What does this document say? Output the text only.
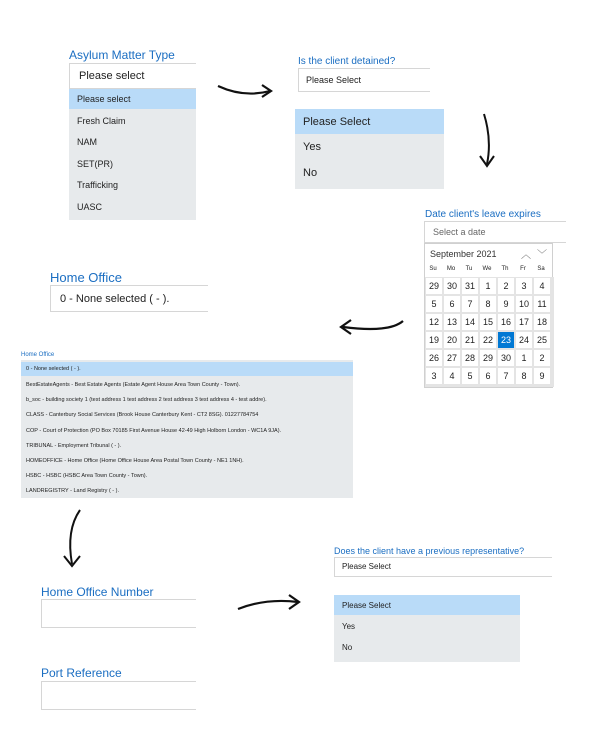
Asylum Matter Type
Please select
Please select
Fresh Claim
NAM
SET(PR)
Trafficking
UASC
Is the client detained?
Please Select
Please Select
Yes
No
Date client's leave expires
Select a date
September 2021 ︿ ﹀
Su	Mo	Tu	We	Th	Fr	Sa
29 30 31	1	2	3	4
5	6	7	8	9	10 11
12 13 14 15 16 17 18
19 20 21 22 23 24 25
26 27 28 29 30	1	2
3	4	5	6	7	8	9
Home Office
0 - None selected ( - ).
Home Office
0 - None selected ( - ).
BestEstateAgents - Best Estate Agents (Estate Agent House Area Town County - Town).
b_soc - building society 1 (test address 1 test address 2 test address 3 test address 4 - test addre).
CLASS - Canterbury Social Services (Brook House Canterbury Kent - CT2 8SG). 01227784754
COP - Court of Protection (PO Box 70185 First Avenue House 42-49 High Holborn London - WC1A 9JA).
TRIBUNAL - Employment Tribunal ( - ).
HOMEOFFICE - Home Office (Home Office House Area Postal Town County - NE1 1NH).
HSBC - HSBC (HSBC Area Town County - Town).
LANDREGISTRY - Land Registry ( - ).
Home Office Number
Port Reference
Does the client have a previous representative?
Please Select
Please Select
Yes
No
